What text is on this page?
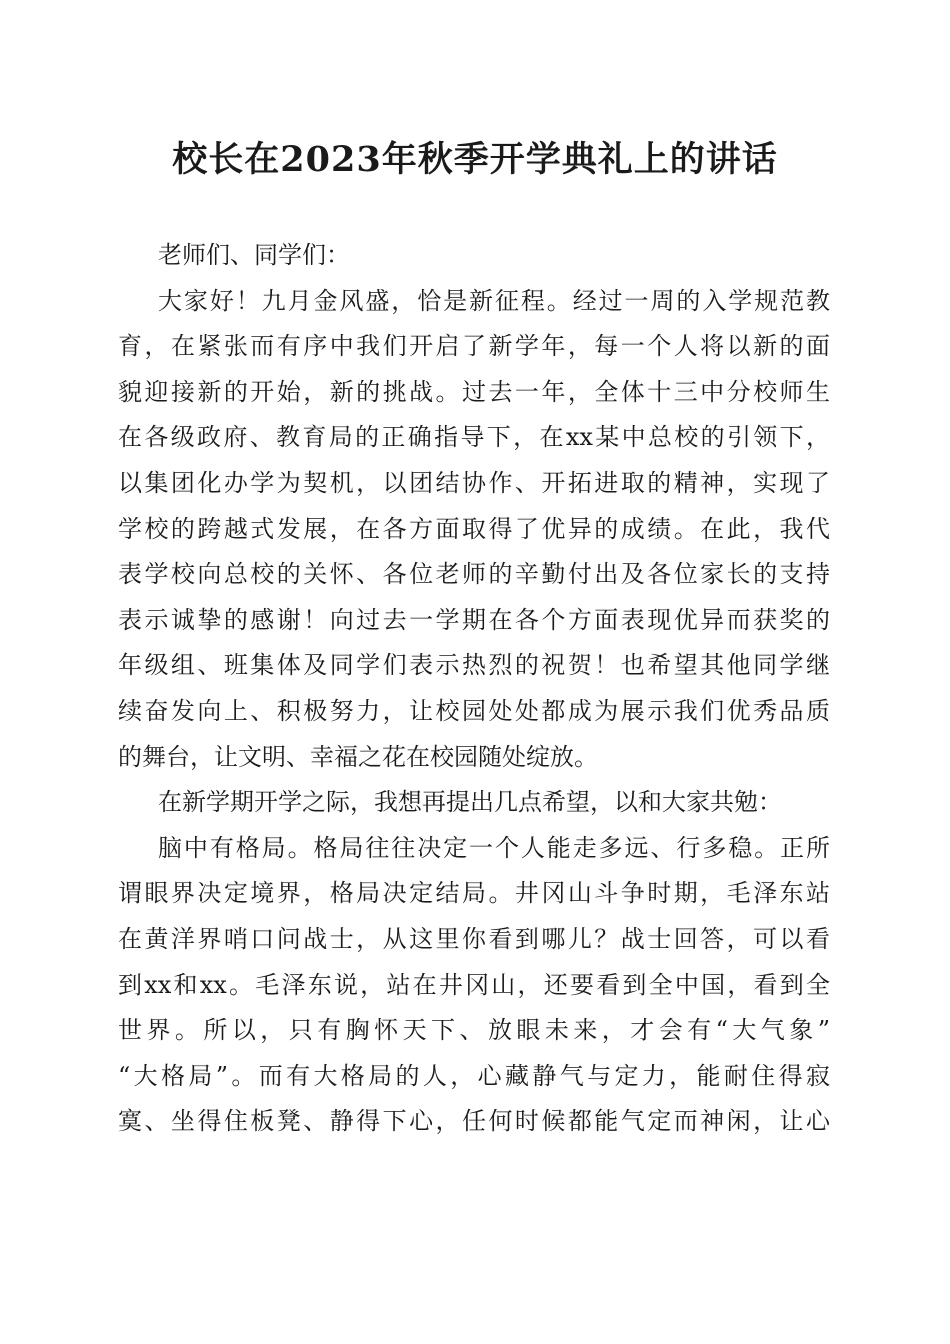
校长在2023年秋季开学典礼上的讲话
老师们、同学们：
大家好！九月金风盛，恰是新征程。经过一周的入学规范教
育，在紧张而有序中我们开启了新学年，每一个人将以新的面
貌迎接新的开始，新的挑战。过去一年，全体十三中分校师生
在各级政府、教育局的正确指导下，在xx某中总校的引领下，
以集团化办学为契机，以团结协作、开拓进取的精神，实现了
学校的跨越式发展，在各方面取得了优异的成绩。在此，我代
表学校向总校的关怀、各位老师的辛勤付出及各位家长的支持
表示诚挚的感谢！向过去一学期在各个方面表现优异而获奖的
年级组、班集体及同学们表示热烈的祝贺！也希望其他同学继
续奋发向上、积极努力，让校园处处都成为展示我们优秀品质
的舞台，让文明、幸福之花在校园随处绽放。
在新学期开学之际，我想再提出几点希望，以和大家共勉：
脑中有格局。格局往往决定一个人能走多远、行多稳。正所
谓眼界决定境界，格局决定结局。井冈山斗争时期，毛泽东站
在黄洋界哨口问战士，从这里你看到哪儿？战士回答，可以看
到xx和xx。毛泽东说，站在井冈山，还要看到全中国，看到全
世界。所以，只有胸怀天下、放眼未来，才会有“大气象”
“大格局”。而有大格局的人，心藏静气与定力，能耐住得寂
寞、坐得住板凳、静得下心，任何时候都能气定而神闲，让心
